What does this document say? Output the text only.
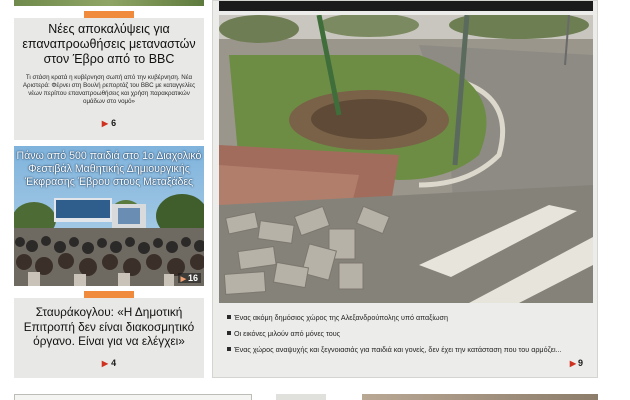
Νέες αποκαλύψεις για επαναπροωθήσεις μεταναστών στον Έβρο από το BBC
Τι στάση κρατά η κυβέρνηση σωπή από την κυβέρνηση. Νέα Αριστερά: Φέρνει στη Βουλή ρεπορτάζ του BBC με καταγγελίες νέων περίπου επαναπροωθήσεις και χρήση παρακρατικών ομάδων στο νομό»
▶ 6
Πάνω από 500 παιδιά στο 1ο Διαχολικό Φεστιβάλ Μαθητικής Δημιουργικής Έκφρασης Έβρου στους Μεταξάδες
▶ 16
Σταυράκογλου: «Η Δημοτική Επιτροπή δεν είναι διακοσμητικό όργανο. Είναι για να ελέγχει»
▶ 4
Ένας ακόμη δημόσιος χώρος της Αλεξανδρούπολης υπό απαξίωση
Οι εικόνες μιλούν από μόνες τους
Ένας χώρος αναψυχής και ξεγνοιασιάς για παιδιά και γονείς, δεν έχει την κατάσταση που του αρμόζει...
▶ 9
